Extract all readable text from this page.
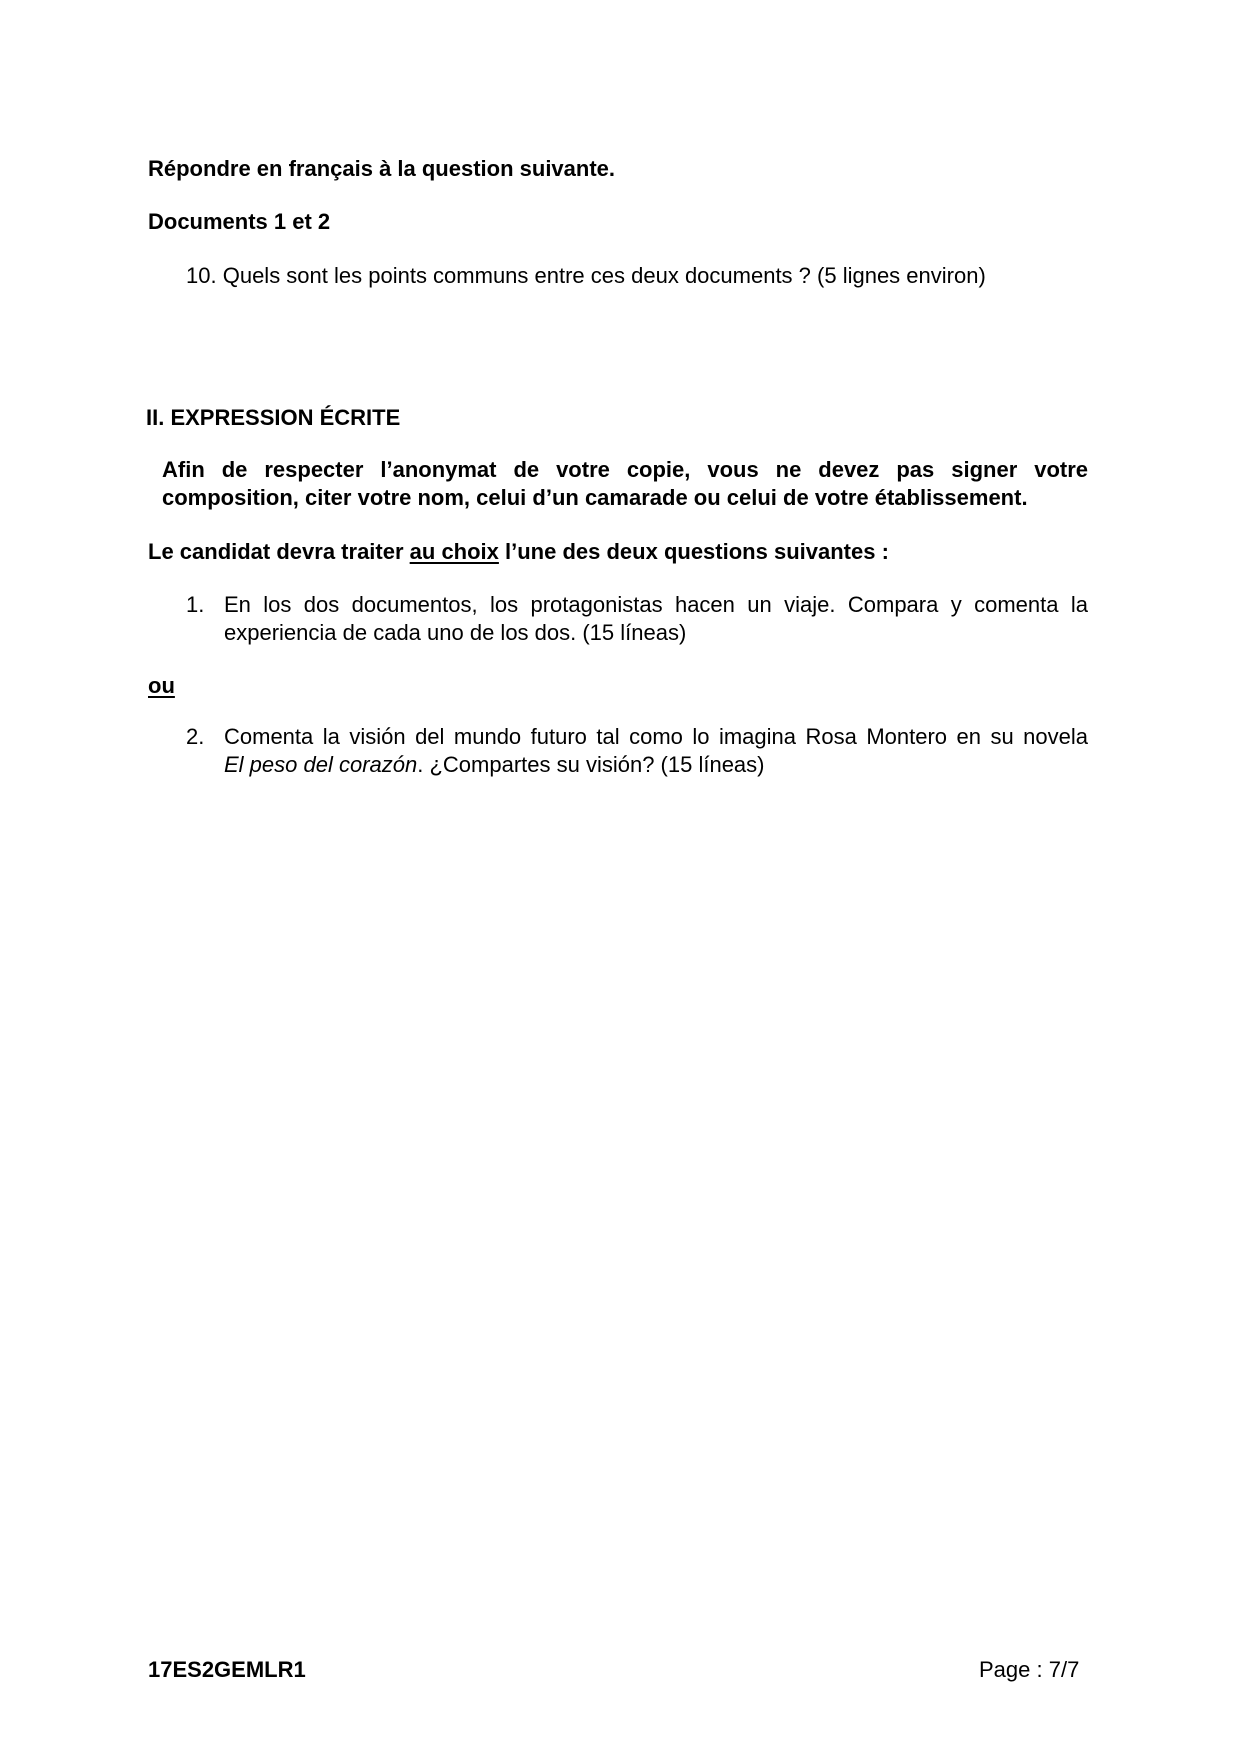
Répondre en français à la question suivante.
Documents 1 et 2
10. Quels sont les points communs entre ces deux documents ? (5 lignes environ)
II. EXPRESSION ÉCRITE
Afin de respecter l’anonymat de votre copie, vous ne devez pas signer votre
composition, citer votre nom, celui d’un camarade ou celui de votre établissement.
Le candidat devra traiter au choix l’une des deux questions suivantes :
1. En los dos documentos, los protagonistas hacen un viaje. Compara y comenta la
experiencia de cada uno de los dos. (15 líneas)
ou
2. Comenta la visión del mundo futuro tal como lo imagina Rosa Montero en su novela
El peso del corazón. ¿Compartes su visión? (15 líneas)
17ES2GEMLR1	Page : 7/7
